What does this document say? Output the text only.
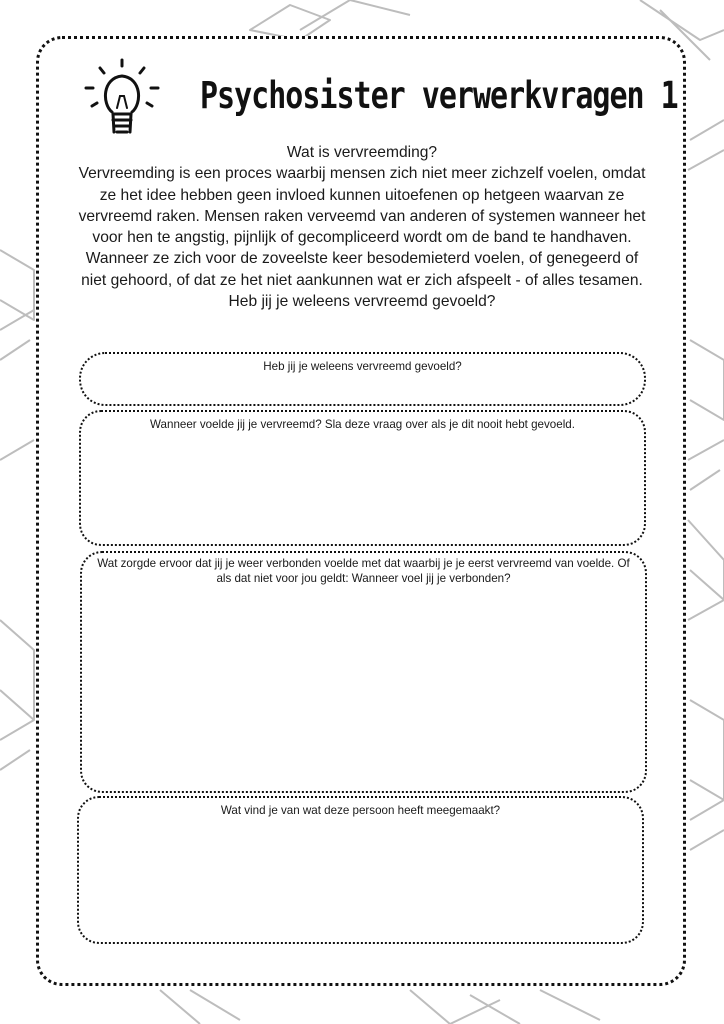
Psychosister verwerkvragen 1

Wat is vervreemding?

Vervreemding is een proces waarbij mensen zich niet meer zichzelf voelen, omdat ze het idee hebben geen invloed kunnen uitoefenen op hetgeen waarvan ze vervreemd raken. Mensen raken verveemd van anderen of systemen wanneer het voor hen te angstig, pijnlijk of gecompliceerd wordt om de band te handhaven. Wanneer ze zich voor de zoveelste keer besodemieterd voelen, of genegeerd of niet gehoord, of dat ze het niet aankunnen wat er zich afspeelt - of alles tesamen. Heb jij je weleens vervreemd gevoeld?

Heb jij je weleens vervreemd gevoeld?
Wanneer voelde jij je vervreemd? Sla deze vraag over als je dit nooit hebt gevoeld.
Wat zorgde ervoor dat jij je weer verbonden voelde met dat waarbij je je eerst vervreemd van voelde. Of als dat niet voor jou geldt: Wanneer voel jij je verbonden?
Wat vind je van wat deze persoon heeft meegemaakt?
